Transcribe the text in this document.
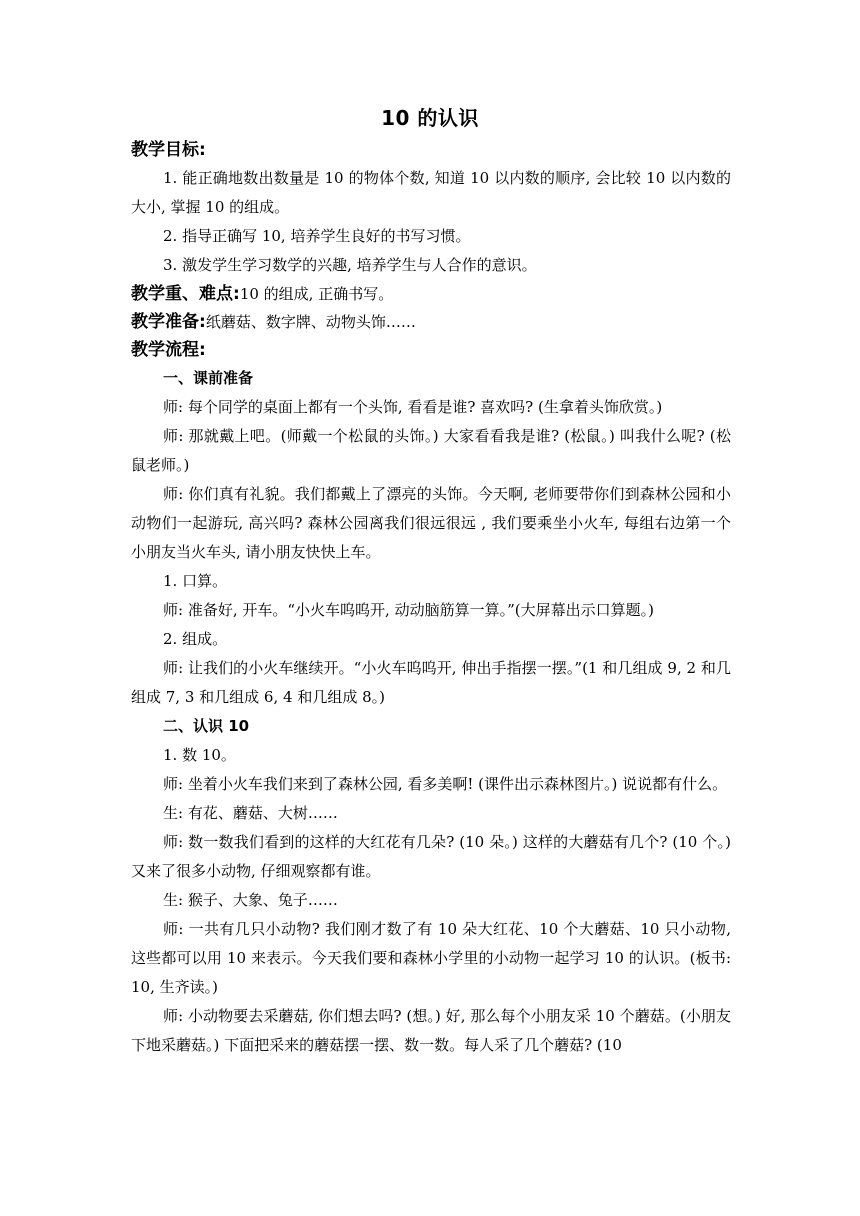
10 的认识
教学目标:

1. 能正确地数出数量是 10 的物体个数, 知道 10 以内数的顺序, 会比较 10 以内数的大小, 掌握 10 的组成。

2. 指导正确写 10, 培养学生良好的书写习惯。

3. 激发学生学习数学的兴趣, 培养学生与人合作的意识。

教学重、难点:10 的组成, 正确书写。
教学准备:纸蘑菇、数字牌、动物头饰……
教学流程:

一、课前准备

师: 每个同学的桌面上都有一个头饰, 看看是谁? 喜欢吗? (生拿着头饰欣赏。)

师: 那就戴上吧。(师戴一个松鼠的头饰。) 大家看看我是谁? (松鼠。) 叫我什么呢? (松鼠老师。)

师: 你们真有礼貌。我们都戴上了漂亮的头饰。今天啊, 老师要带你们到森林公园和小动物们一起游玩, 高兴吗? 森林公园离我们很远很远 , 我们要乘坐小火车, 每组右边第一个小朋友当火车头, 请小朋友快快上车。

1. 口算。

师: 准备好, 开车。“小火车呜呜开, 动动脑筋算一算。”(大屏幕出示口算题。)

2. 组成。

师: 让我们的小火车继续开。“小火车呜呜开, 伸出手指摆一摆。”(1 和几组成 9, 2 和几组成 7, 3 和几组成 6, 4 和几组成 8。)

二、认识 10

1. 数 10。

师: 坐着小火车我们来到了森林公园, 看多美啊! (课件出示森林图片。) 说说都有什么。

生: 有花、蘑菇、大树……

师: 数一数我们看到的这样的大红花有几朵? (10 朵。) 这样的大蘑菇有几个? (10 个。) 又来了很多小动物, 仔细观察都有谁。

生: 猴子、大象、兔子……

师: 一共有几只小动物? 我们刚才数了有 10 朵大红花、10 个大蘑菇、10 只小动物, 这些都可以用 10 来表示。今天我们要和森林小学里的小动物一起学习 10 的认识。(板书: 10, 生齐读。)

师: 小动物要去采蘑菇, 你们想去吗? (想。) 好, 那么每个小朋友采 10 个蘑菇。(小朋友下地采蘑菇。) 下面把采来的蘑菇摆一摆、数一数。每人采了几个蘑菇? (10
